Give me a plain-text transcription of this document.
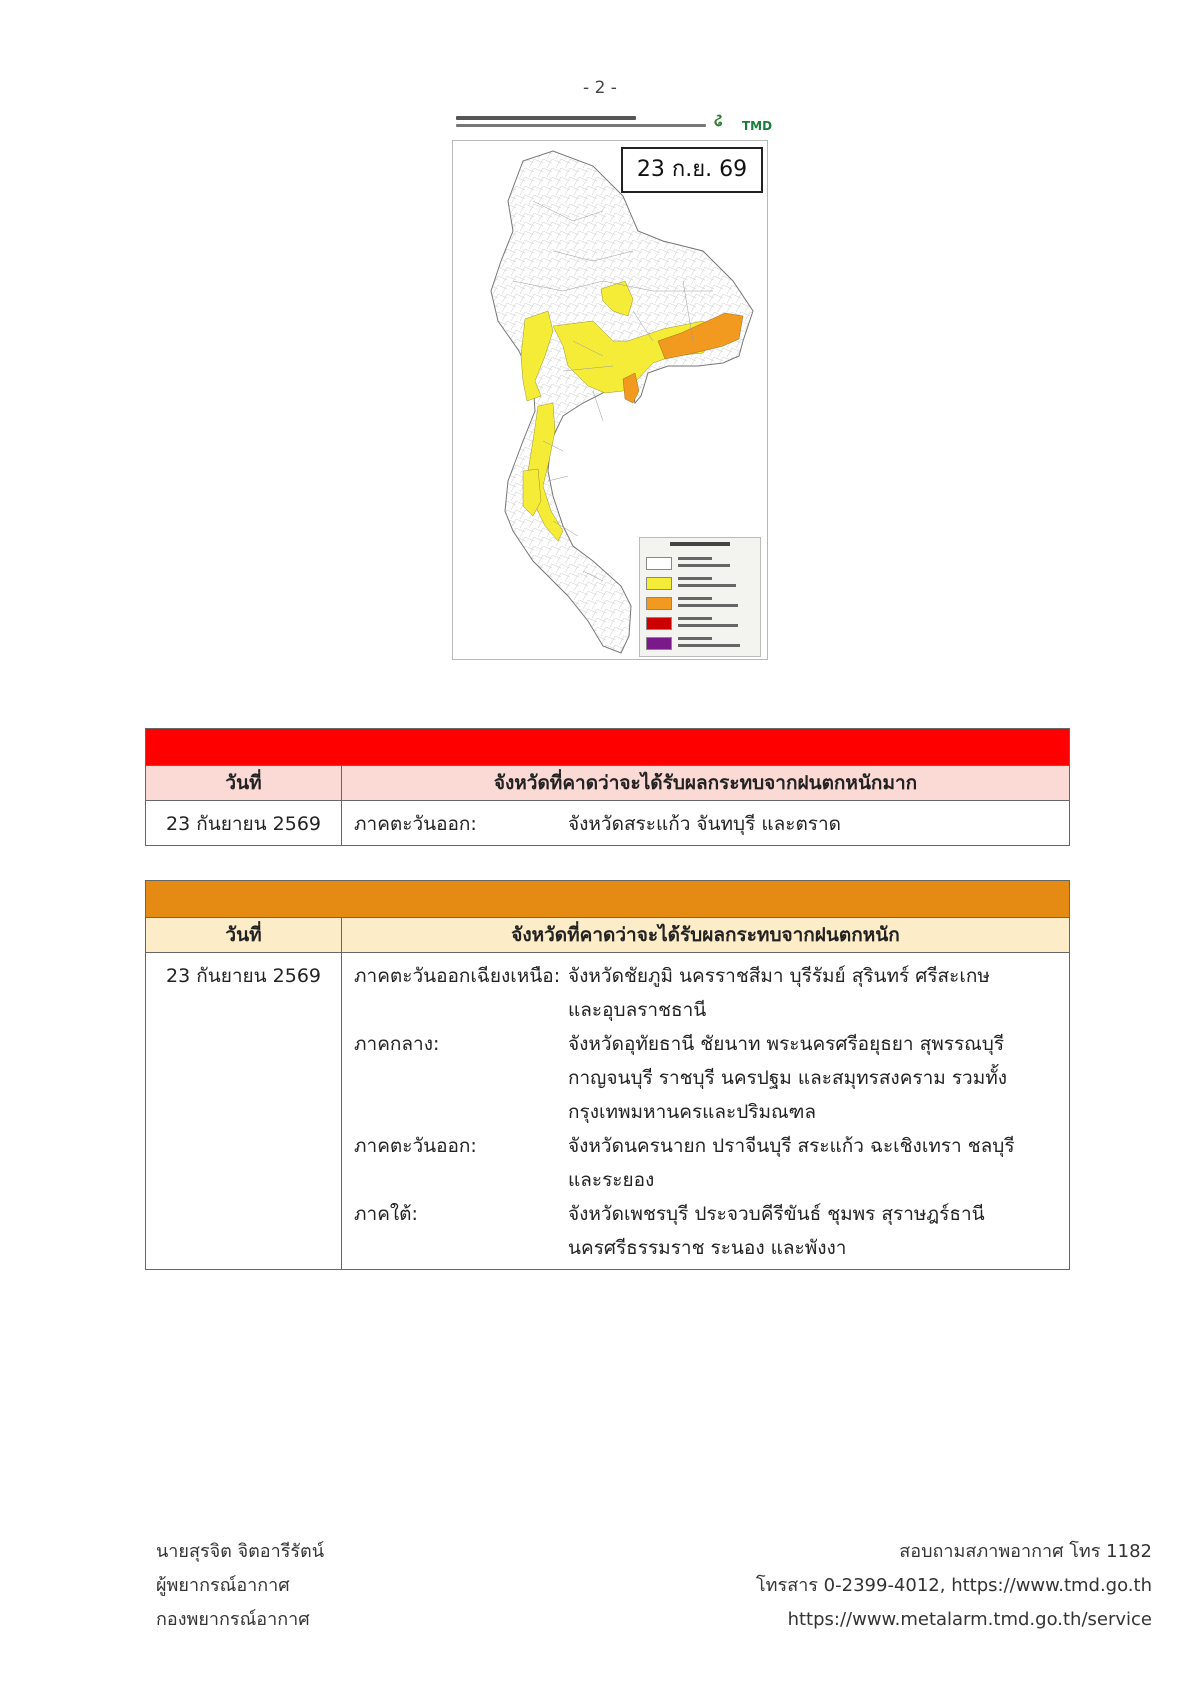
- 2 -
ઢ TMD
23 ก.ย. 69
วันที่	จังหวัดที่คาดว่าจะได้รับผลกระทบจากฝนตกหนักมาก
23 กันยายน 2569	ภาคตะวันออก:	จังหวัดสระแก้ว จันทบุรี และตราด
วันที่	จังหวัดที่คาดว่าจะได้รับผลกระทบจากฝนตกหนัก
23 กันยายน 2569	ภาคตะวันออกเฉียงเหนือ: จังหวัดชัยภูมิ นครราชสีมา บุรีรัมย์ สุรินทร์ ศรีสะเกษ และอุบลราชธานี
ภาคกลาง:	จังหวัดอุทัยธานี ชัยนาท พระนครศรีอยุธยา สุพรรณบุรี กาญจนบุรี ราชบุรี นครปฐม และสมุทรสงคราม รวมทั้งกรุงเทพมหานครและปริมณฑล
ภาคตะวันออก:	จังหวัดนครนายก ปราจีนบุรี สระแก้ว ฉะเชิงเทรา ชลบุรี และระยอง
ภาคใต้:	จังหวัดเพชรบุรี ประจวบคีรีขันธ์ ชุมพร สุราษฎร์ธานี นครศรีธรรมราช ระนอง และพังงา
นายสุรจิต จิตอารีรัตน์
ผู้พยากรณ์อากาศ
กองพยากรณ์อากาศ
สอบถามสภาพอากาศ โทร 1182
โทรสาร 0-2399-4012, https://www.tmd.go.th
https://www.metalarm.tmd.go.th/service
